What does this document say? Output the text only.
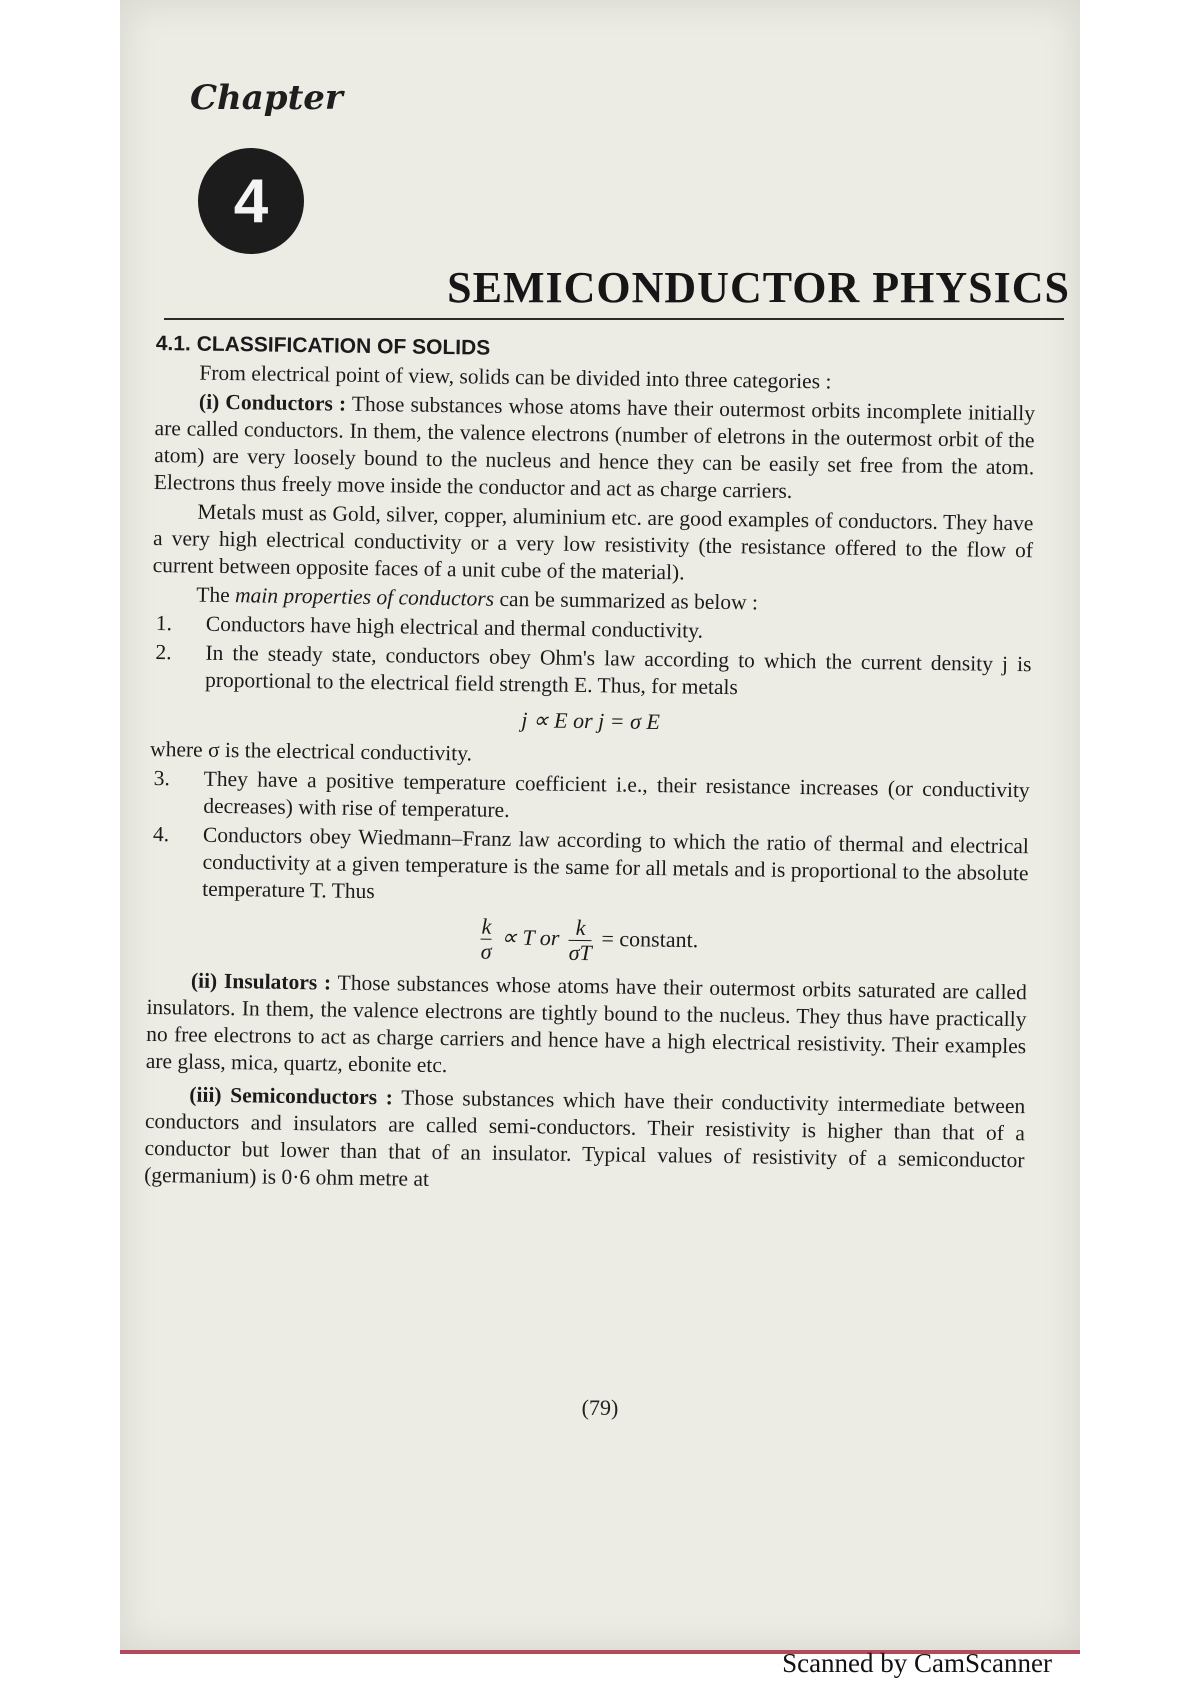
Chapter
4
SEMICONDUCTOR PHYSICS
4.1. CLASSIFICATION OF SOLIDS

From electrical point of view, solids can be divided into three categories :

(i) Conductors : Those substances whose atoms have their outermost orbits incomplete initially are called conductors. In them, the valence electrons (number of eletrons in the outermost orbit of the atom) are very loosely bound to the nucleus and hence they can be easily set free from the atom. Electrons thus freely move inside the conductor and act as charge carriers.

Metals must as Gold, silver, copper, aluminium etc. are good examples of conductors. They have a very high electrical conductivity or a very low resistivity (the resistance offered to the flow of current between opposite faces of a unit cube of the material).

The main properties of conductors can be summarized as below :

1.	Conductors have high electrical and thermal conductivity.
2.	In the steady state, conductors obey Ohm's law according to which the current density j is proportional to the electrical field strength E. Thus, for metals
j ∝ E or j = σ E

where σ is the electrical conductivity.

3.	They have a positive temperature coefficient i.e., their resistance increases (or conductivity decreases) with rise of temperature.
4.	Conductors obey Wiedmann–Franz law according to which the ratio of thermal and electrical conductivity at a given temperature is the same for all metals and is proportional to the absolute temperature T. Thus
$\frac{k}{\sigma} \propto T$ or $\frac{k}{\sigma T}$ = constant.

(ii) Insulators : Those substances whose atoms have their outermost orbits saturated are called insulators. In them, the valence electrons are tightly bound to the nucleus. They thus have practically no free electrons to act as charge carriers and hence have a high electrical resistivity. Their examples are glass, mica, quartz, ebonite etc.

(iii) Semiconductors : Those substances which have their conductivity intermediate between conductors and insulators are called semi-conductors. Their resistivity is higher than that of a conductor but lower than that of an insulator. Typical values of resistivity of a semiconductor (germanium) is 0·6 ohm metre at

(79)
Scanned by CamScanner
